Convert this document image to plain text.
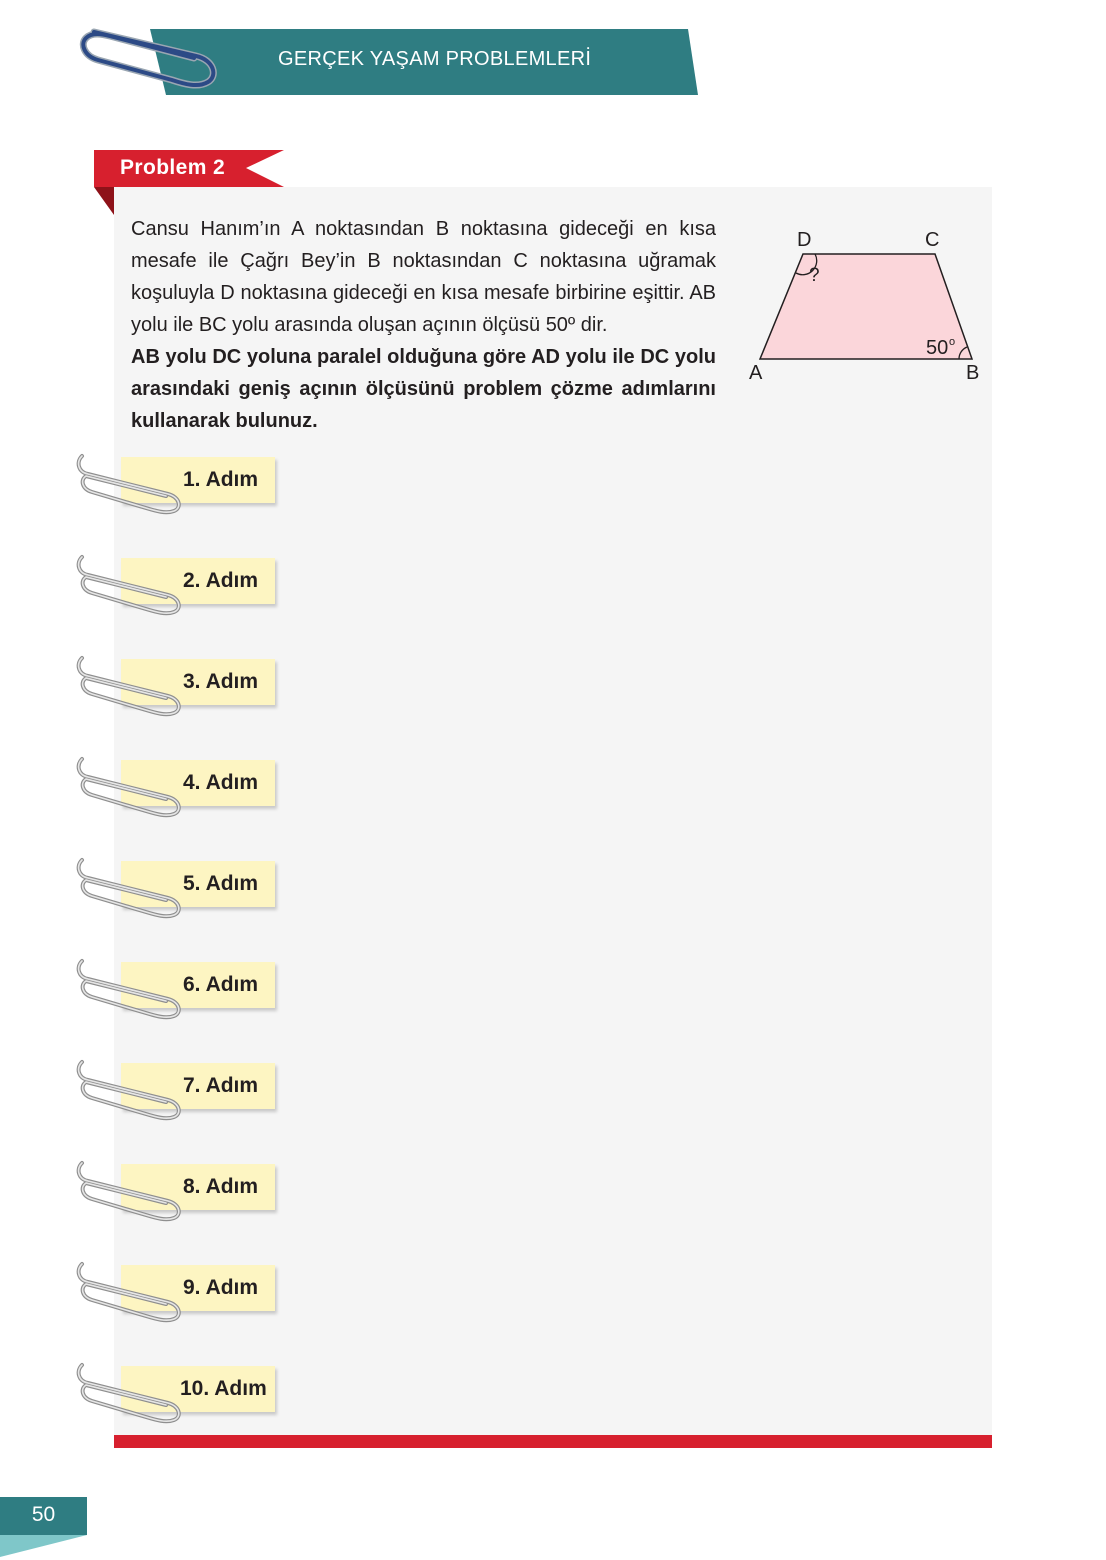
GERÇEK YAŞAM PROBLEMLERİ
Problem 2

Cansu Hanım’ın A noktasından B noktasına gideceği en kısa mesafe ile Çağrı Bey’in B noktasından C noktasına uğramak koşuluyla D noktasına gideceği en kısa mesafe birbirine eşittir. AB yolu ile BC yolu arasında oluşan açının ölçüsü 50º dir.

AB yolu DC yoluna paralel olduğuna göre AD yolu ile DC yolu arasındaki geniş açının ölçüsünü problem çözme adımlarını kullanarak bulunuz.

D	C
A	B
?
50 o
1. Adım
2. Adım
3. Adım
4. Adım
5. Adım
6. Adım
7. Adım
8. Adım
9. Adım
10. Adım
50
